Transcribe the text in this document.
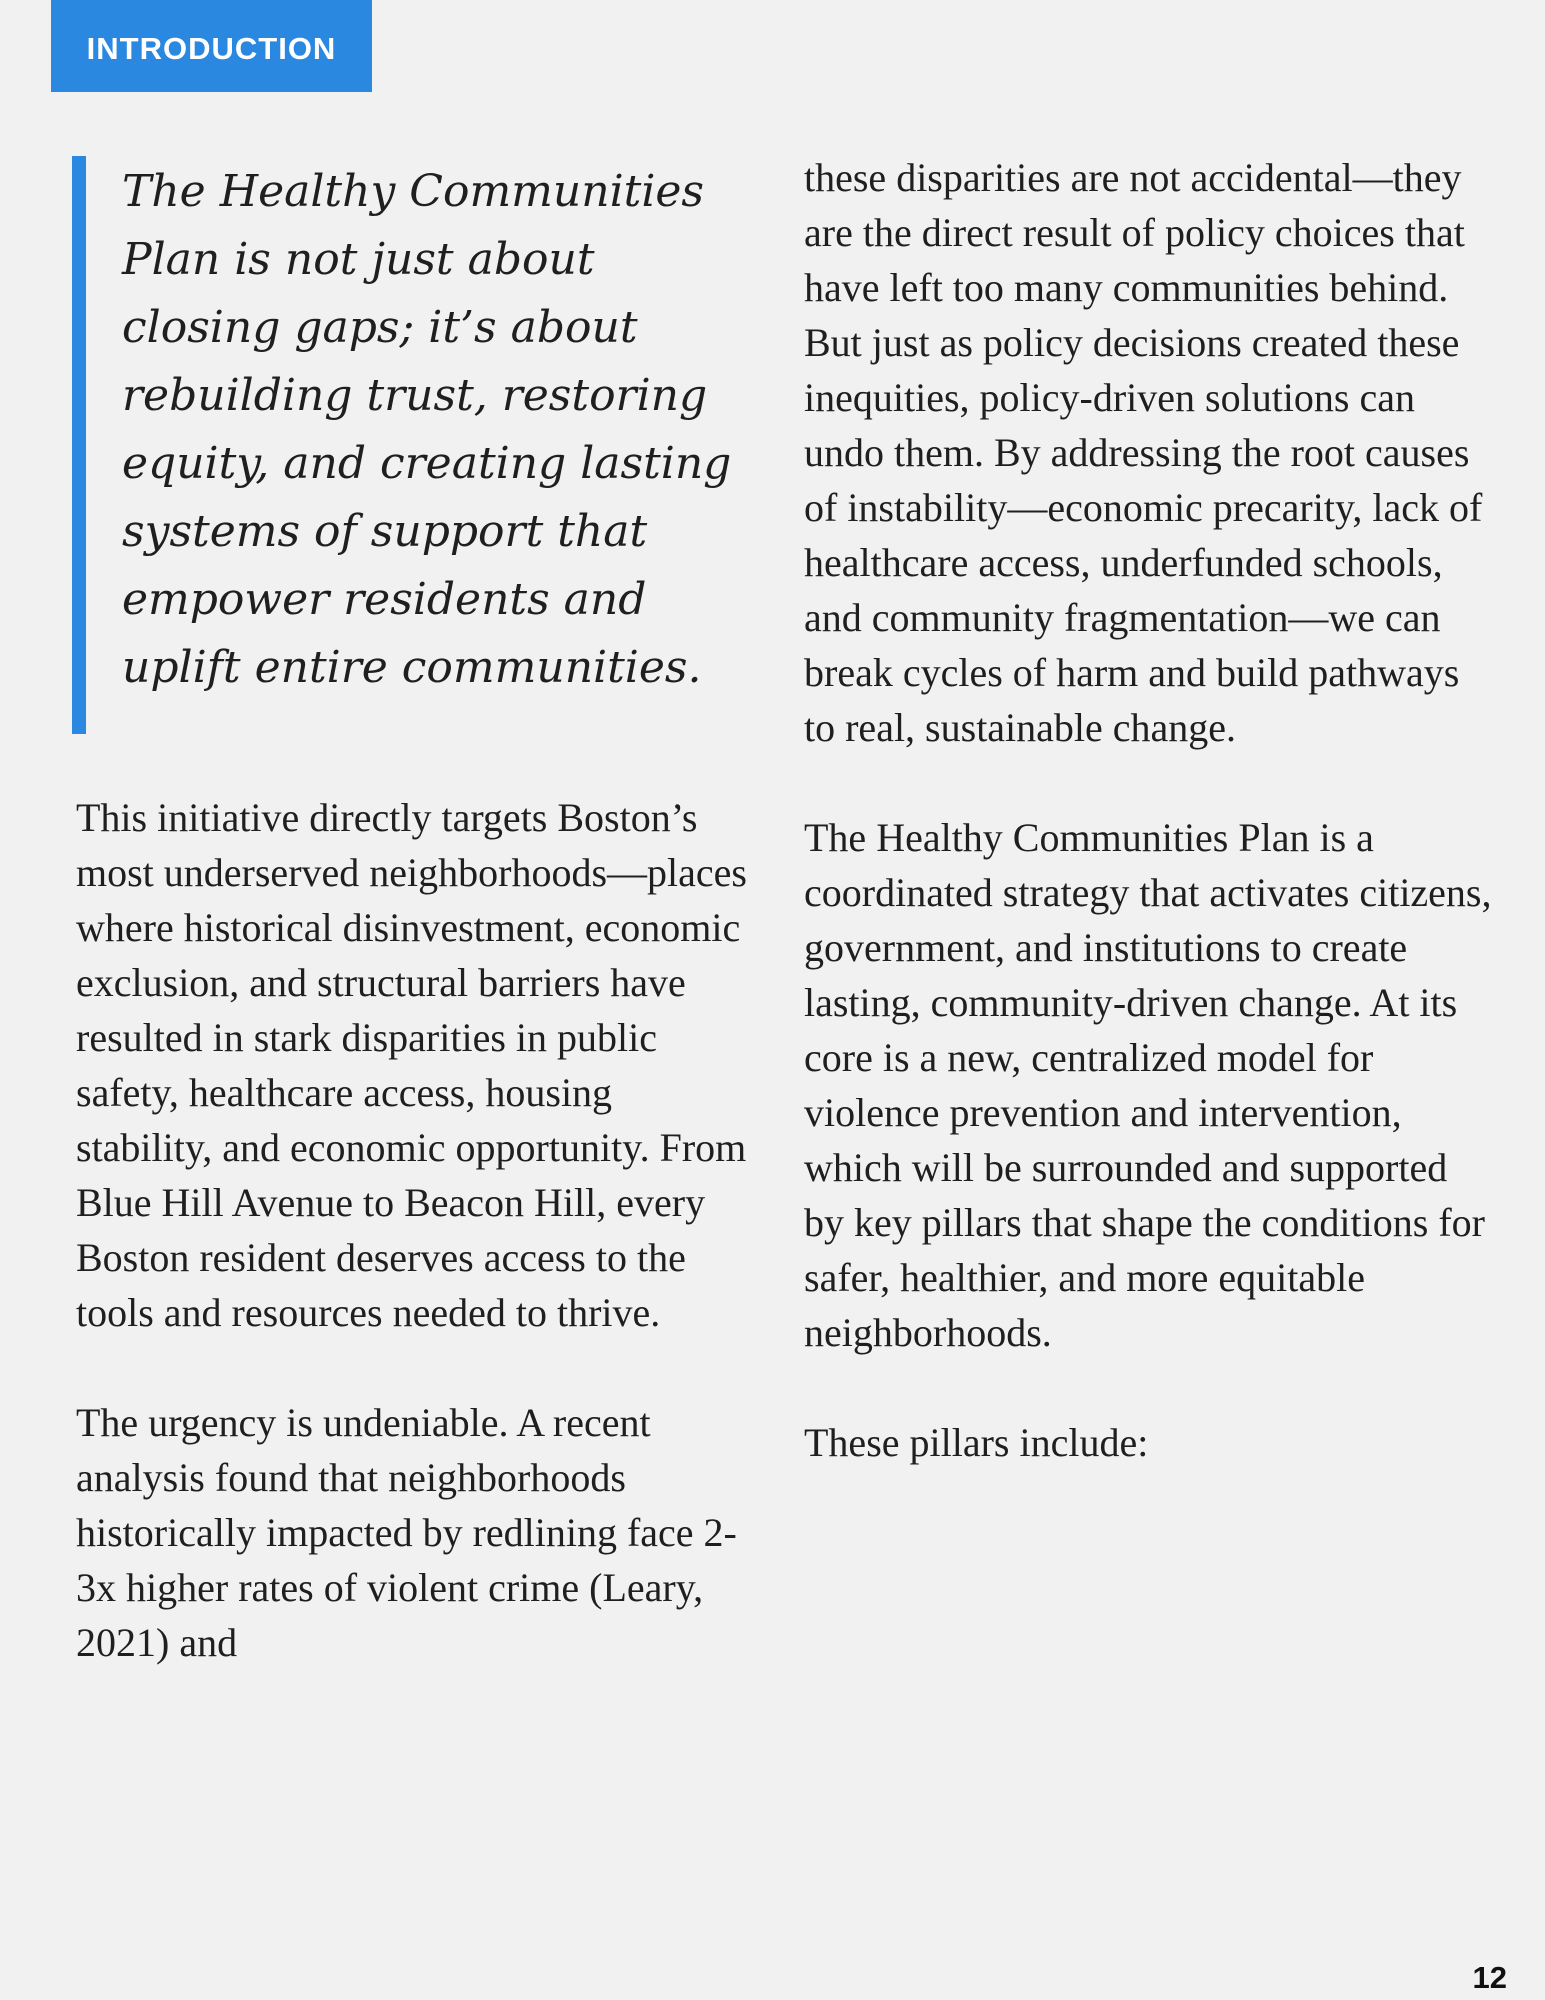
INTRODUCTION

The Healthy Communities Plan is not just about closing gaps; it’s about rebuilding trust, restoring equity, and creating lasting systems of support that empower residents and uplift entire communities.

This initiative directly targets Boston’s most underserved neighborhoods—places where historical disinvestment, economic exclusion, and structural barriers have resulted in stark disparities in public safety, healthcare access, housing stability, and economic opportunity. From Blue Hill Avenue to Beacon Hill, every Boston resident deserves access to the tools and resources needed to thrive.

The urgency is undeniable. A recent analysis found that neighborhoods historically impacted by redlining face 2-3x higher rates of violent crime (Leary, 2021) and

these disparities are not accidental—they are the direct result of policy choices that have left too many communities behind. But just as policy decisions created these inequities, policy-driven solutions can undo them. By addressing the root causes of instability—economic precarity, lack of healthcare access, underfunded schools, and community fragmentation—we can break cycles of harm and build pathways to real, sustainable change.

The Healthy Communities Plan is a coordinated strategy that activates citizens, government, and institutions to create lasting, community-driven change. At its core is a new, centralized model for violence prevention and intervention, which will be surrounded and supported by key pillars that shape the conditions for safer, healthier, and more equitable neighborhoods.

These pillars include:

12
